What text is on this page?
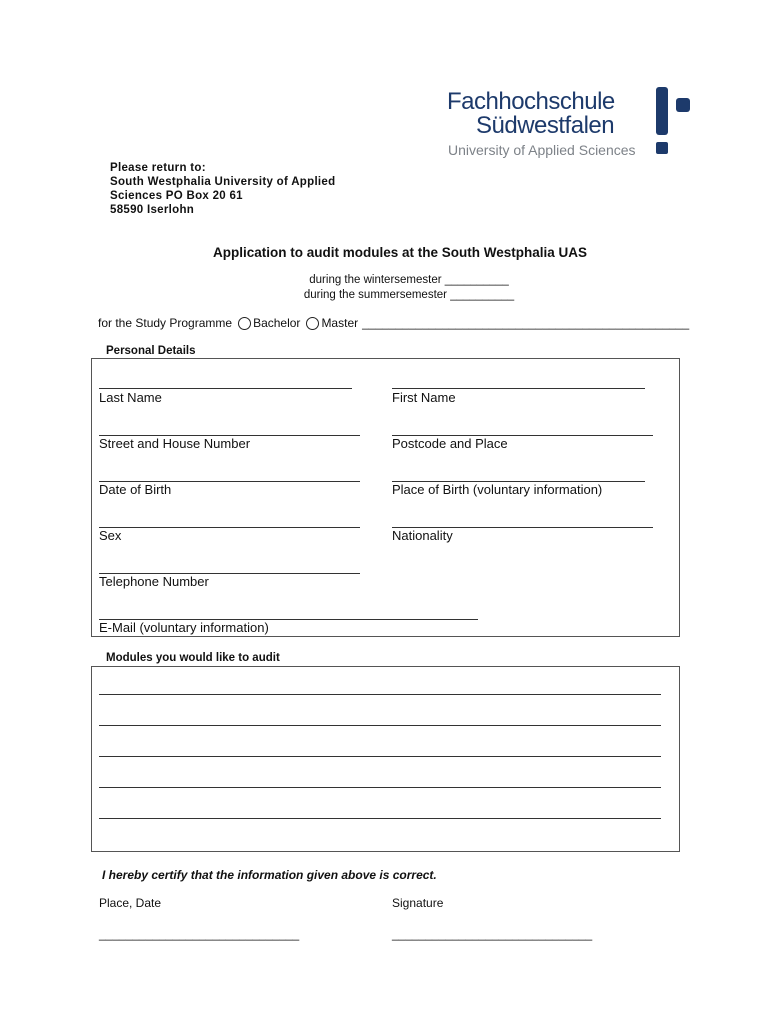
Fachhochschule
Südwestfalen
University of Applied Sciences
Please return to:
South Westphalia University of Applied
Sciences PO Box 20 61
58590 Iserlohn
Application to audit modules at the South Westphalia UAS
during the wintersemester __________
during the summersemester __________
for the Study Programme Bachelor Master _________________________________________________
Personal Details
Last Name	First Name
Street and House Number	Postcode and Place
Date of Birth	Place of Birth (voluntary information)
Sex	Nationality
Telephone Number
E-Mail (voluntary information)
Modules you would like to audit
I hereby certify that the information given above is correct.
Place, Date	Signature
______________________________	______________________________
